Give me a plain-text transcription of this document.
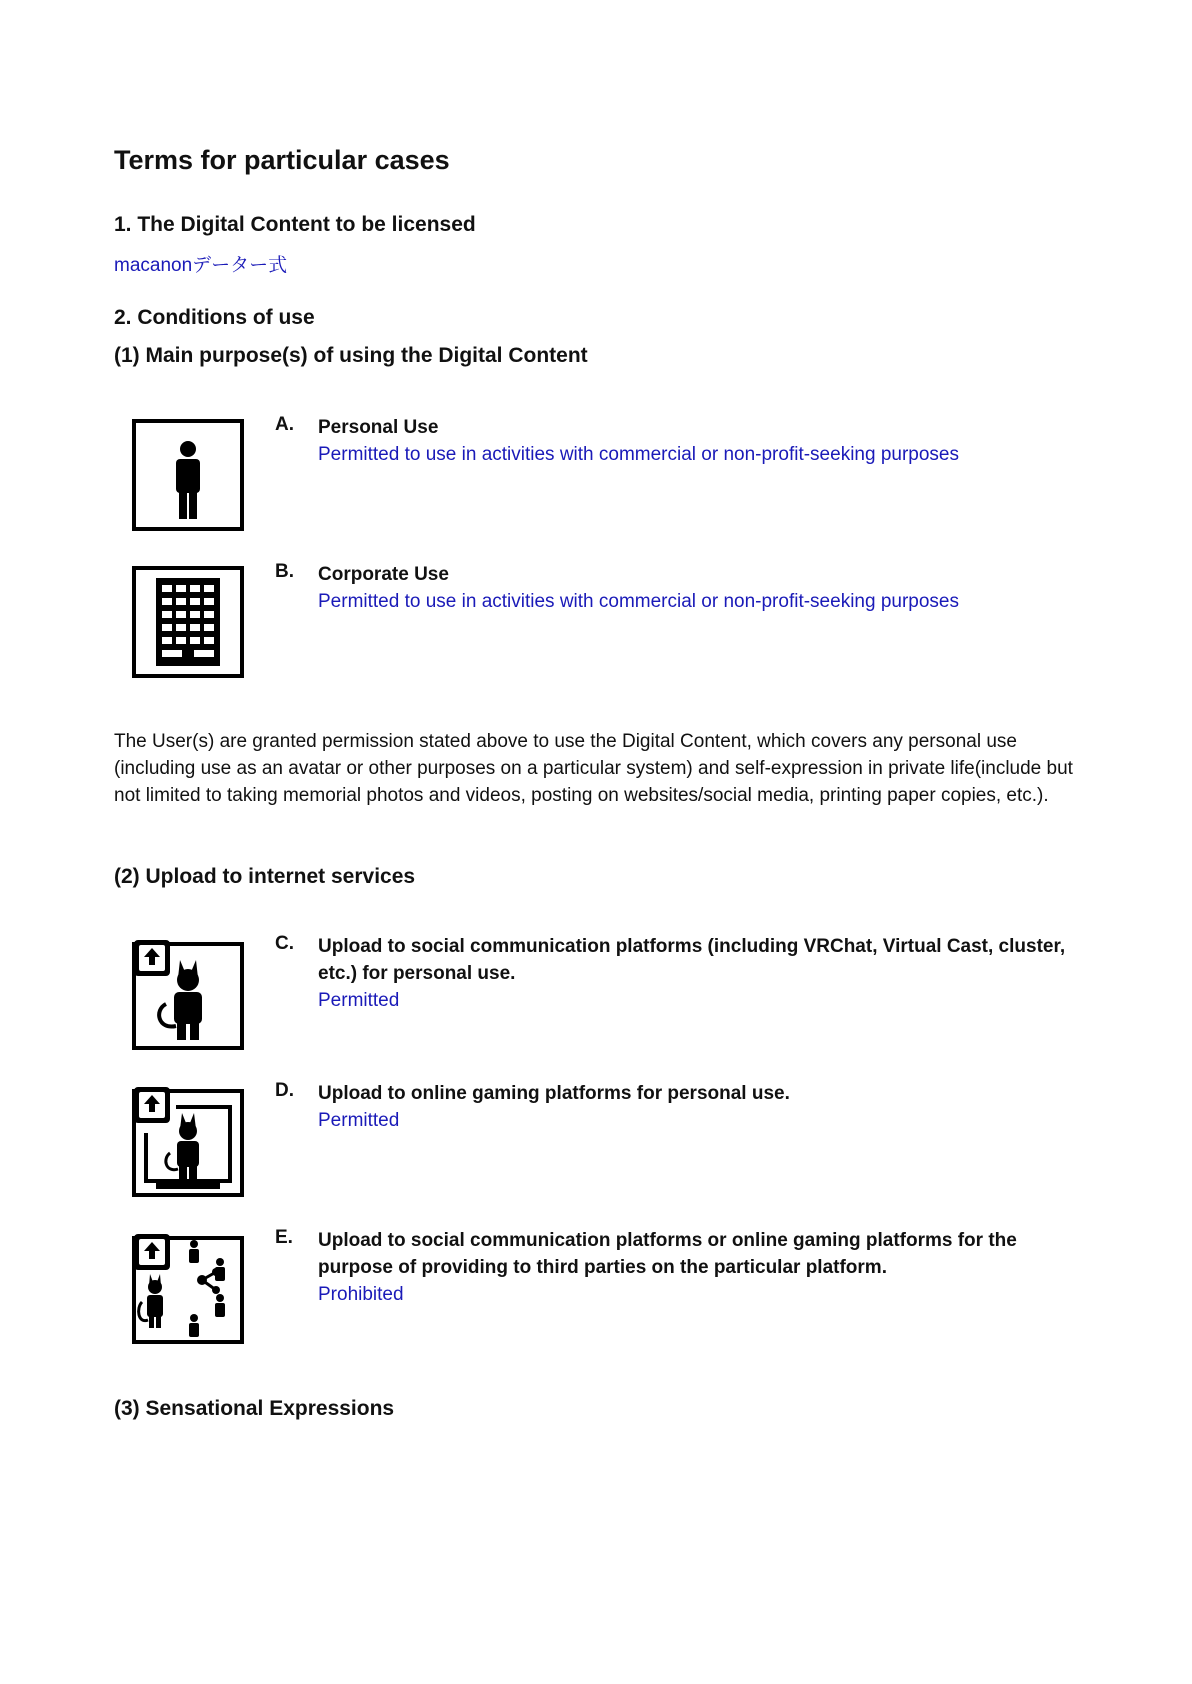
Terms for particular cases
1. The Digital Content to be licensed
macanonデーター式
2. Conditions of use
(1) Main purpose(s) of using the Digital Content
A. Personal Use
Permitted to use in activities with commercial or non-profit-seeking purposes
B. Corporate Use
Permitted to use in activities with commercial or non-profit-seeking purposes

The User(s) are granted permission stated above to use the Digital Content, which covers any personal use (including use as an avatar or other purposes on a particular system) and self-expression in private life(include but not limited to taking memorial photos and videos, posting on websites/social media, printing paper copies, etc.).

(2) Upload to internet services
C. Upload to social communication platforms (including VRChat, Virtual Cast, cluster, etc.) for personal use.
Permitted
D. Upload to online gaming platforms for personal use.
Permitted
E. Upload to social communication platforms or online gaming platforms for the purpose of providing to third parties on the particular platform.
Prohibited
(3) Sensational Expressions
